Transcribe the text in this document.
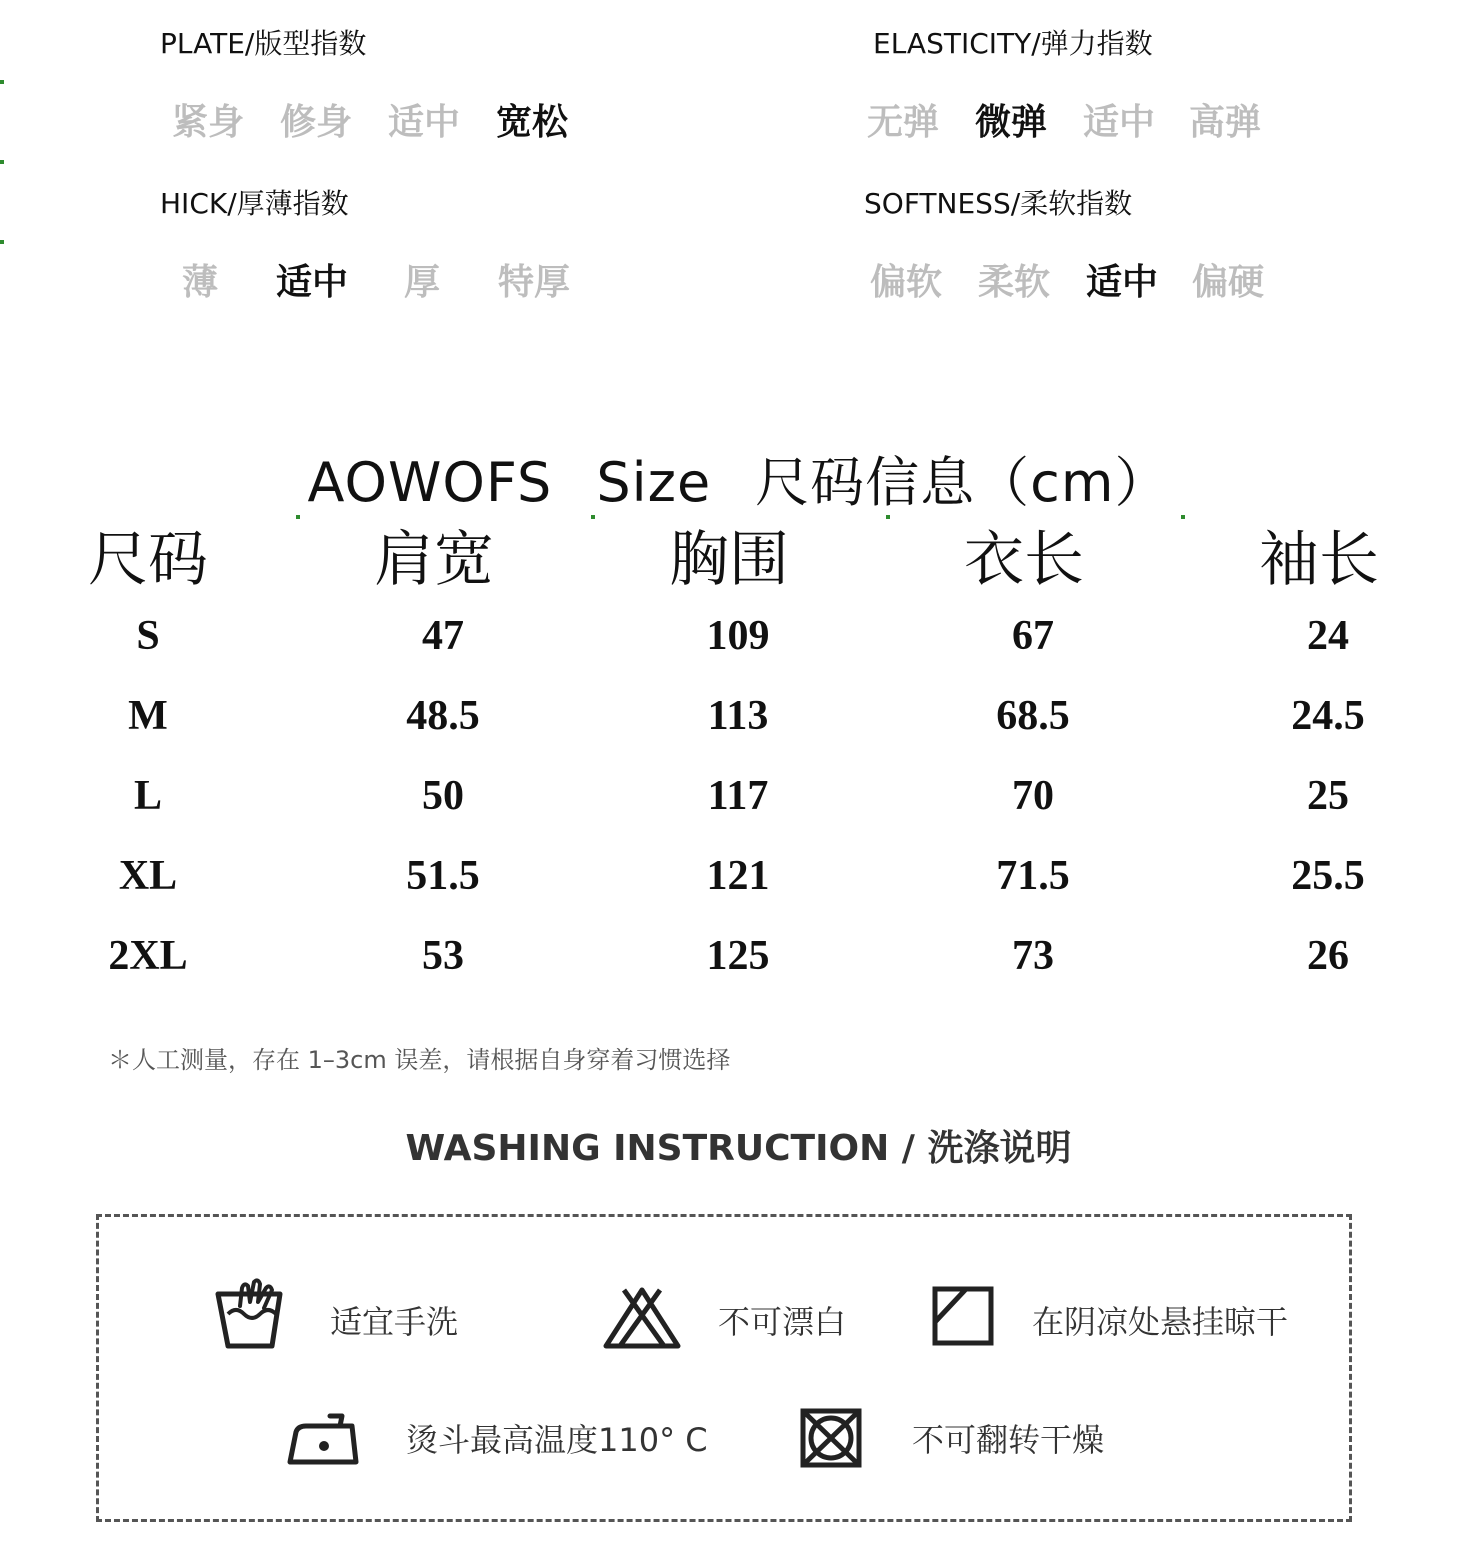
PLATE/版型指数
紧身 修身 适中 宽松
ELASTICITY/弹力指数
无弹 微弹 适中 高弹
HICK/厚薄指数
薄 适中 厚 特厚
SOFTNESS/柔软指数
偏软 柔软 适中 偏硬
AOWOFS Size 尺码信息（cm）
尺码	肩宽	胸围	衣长	袖长
S	47	109	67	24
M	48.5	113	68.5	24.5
L	50	117	70	25
XL	51.5	121	71.5	25.5
2XL	53	125	73	26
＊人工测量，存在 1–3cm 误差，请根据自身穿着习惯选择
WASHING INSTRUCTION / 洗涤说明
适宜手洗	不可漂白	在阴凉处悬挂晾干
烫斗最高温度110° C	不可翻转干燥
